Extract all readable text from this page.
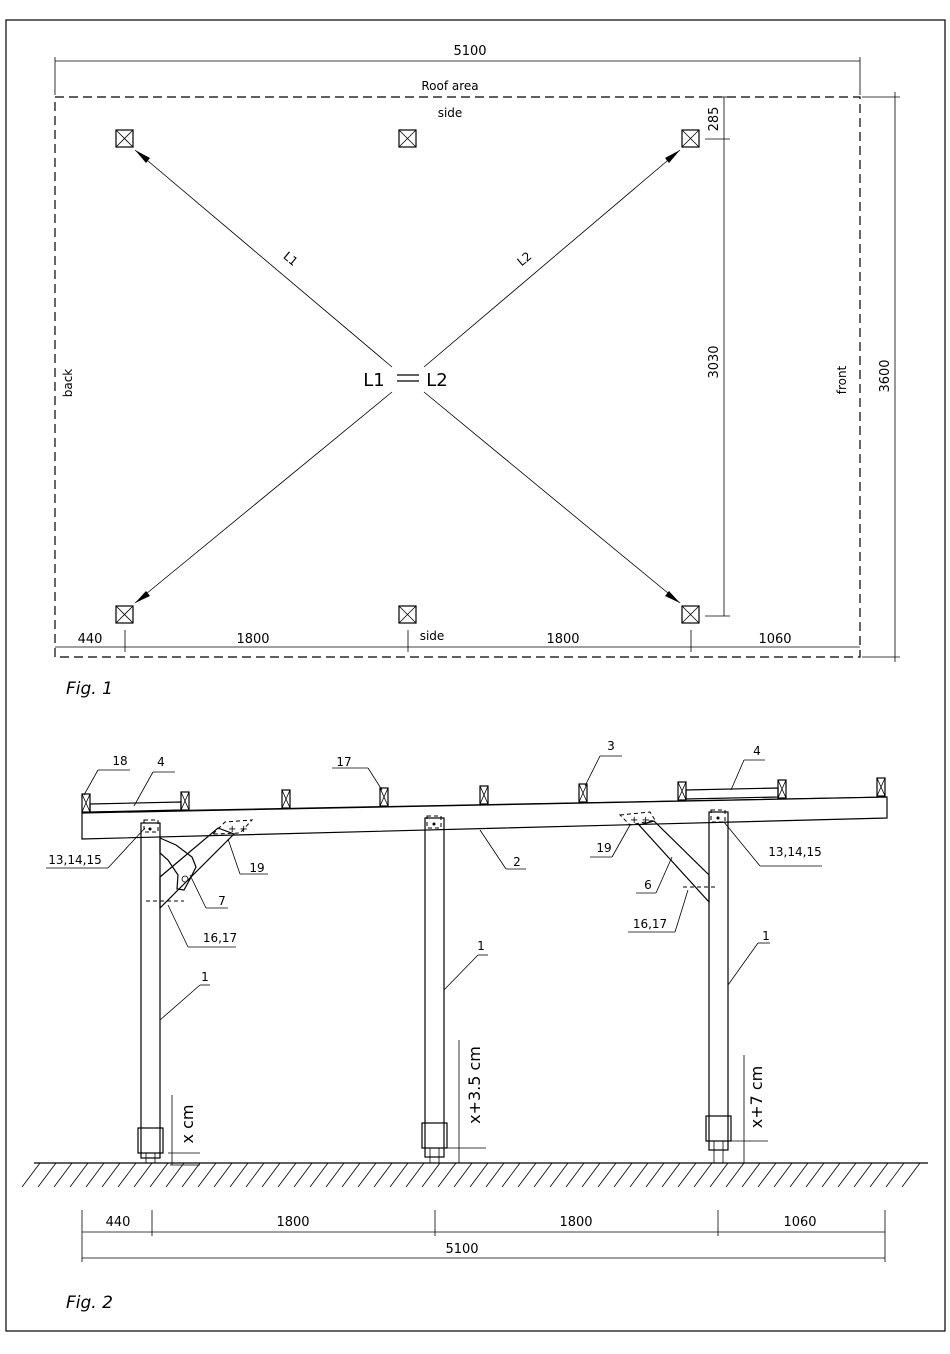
5100
Roof area
side
L1	L2
L1 L2
back	front
285
3030	3600
440	1800	1800	1060
side
Fig. 1
+ +
+ +
18 4	17
3	4
13,14,15
19
7
16,17
2
19
6
13,14,15
16,17
1
1
1
x cm
x+3.5 cm	x+7 cm
440	1800	1800	1060
5100
Fig. 2
